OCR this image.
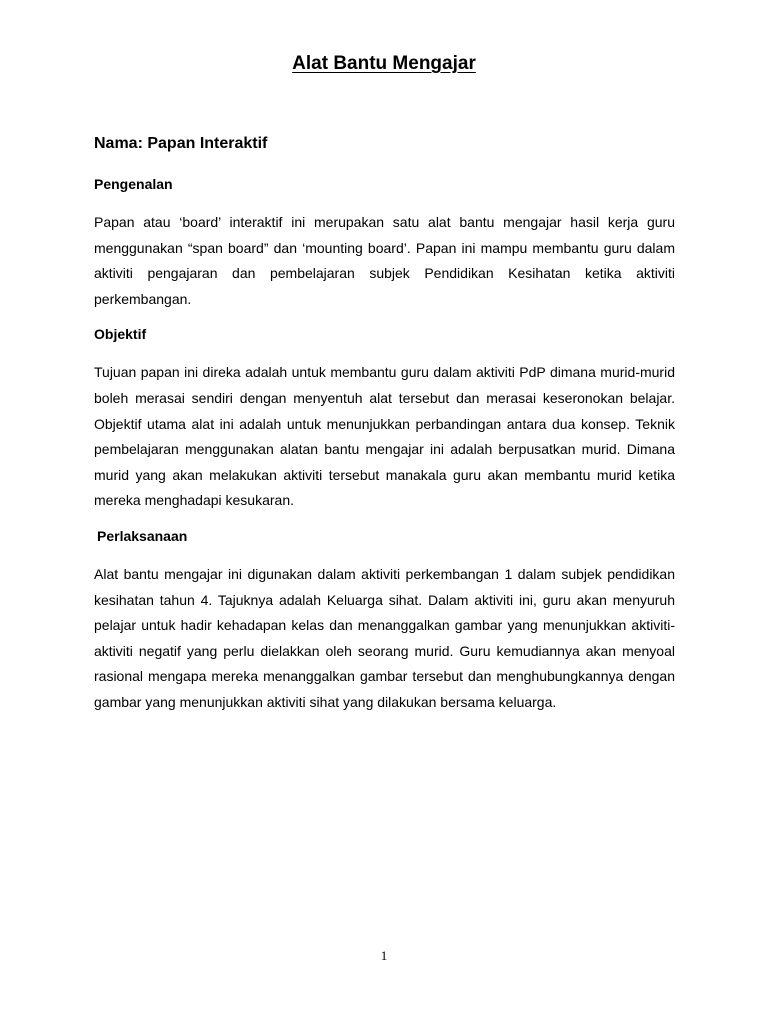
Alat Bantu Mengajar
Nama: Papan Interaktif
Pengenalan

Papan atau ‘board’ interaktif ini merupakan satu alat bantu mengajar hasil kerja guru menggunakan “span board” dan ‘mounting board’. Papan ini mampu membantu guru dalam aktiviti pengajaran dan pembelajaran subjek Pendidikan Kesihatan ketika aktiviti perkembangan.

Objektif

Tujuan papan ini direka adalah untuk membantu guru dalam aktiviti PdP dimana murid-murid boleh merasai sendiri dengan menyentuh alat tersebut dan merasai keseronokan belajar. Objektif utama alat ini adalah untuk menunjukkan perbandingan antara dua konsep. Teknik pembelajaran menggunakan alatan bantu mengajar ini adalah berpusatkan murid. Dimana murid yang akan melakukan aktiviti tersebut manakala guru akan membantu murid ketika mereka menghadapi kesukaran.

Perlaksanaan

Alat bantu mengajar ini digunakan dalam aktiviti perkembangan 1 dalam subjek pendidikan kesihatan tahun 4. Tajuknya adalah Keluarga sihat. Dalam aktiviti ini, guru akan menyuruh pelajar untuk hadir kehadapan kelas dan menanggalkan gambar yang menunjukkan aktiviti-aktiviti negatif yang perlu dielakkan oleh seorang murid. Guru kemudiannya akan menyoal rasional mengapa mereka menanggalkan gambar tersebut dan menghubungkannya dengan gambar yang menunjukkan aktiviti sihat yang dilakukan bersama keluarga.

1
